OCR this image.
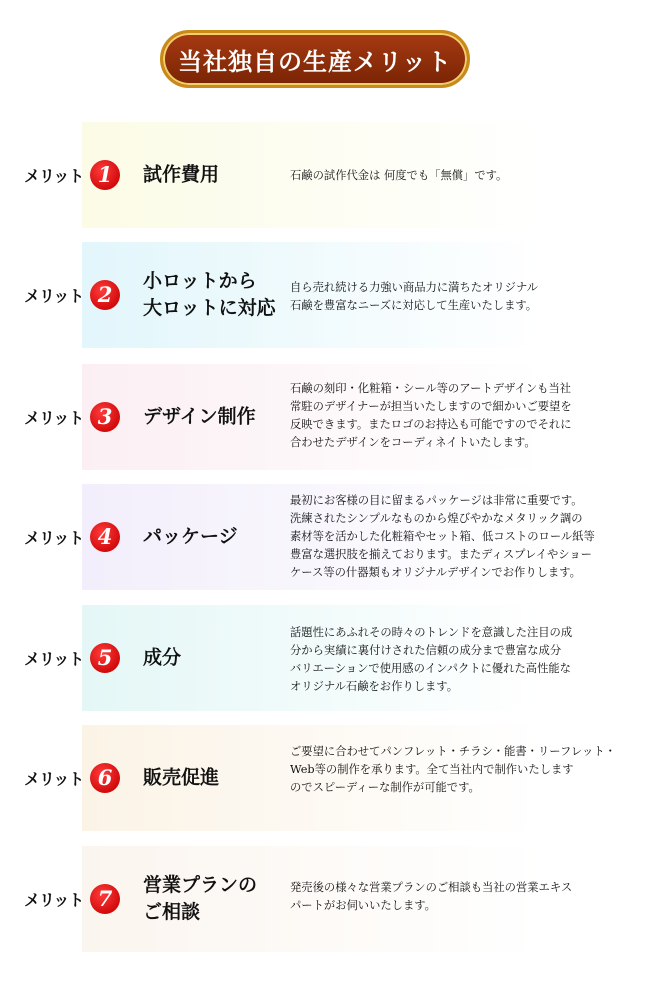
当社独自の生産メリット
メリット 1	試作費用	石鹸の試作代金は 何度でも「無償」です。
メリット 2
小ロットから
大ロットに対応
自ら売れ続ける力強い商品力に満ちたオリジナル
石鹸を豊富なニーズに対応して生産いたします。
メリット 3	デザイン制作
石鹸の刻印・化粧箱・シール等のアートデザインも当社
常駐のデザイナーが担当いたしますので細かいご要望を
反映できます。またロゴのお持込も可能ですのでそれに
合わせたデザインをコーディネイトいたします。
メリット 4	パッケージ
最初にお客様の目に留まるパッケージは非常に重要です。
洗練されたシンプルなものから煌びやかなメタリック調の
素材等を活かした化粧箱やセット箱、低コストのロール紙等
豊富な選択肢を揃えております。またディスプレイやショー
ケース等の什器類もオリジナルデザインでお作りします。
メリット 5	成分
話題性にあふれその時々のトレンドを意識した注目の成
分から実績に裏付けされた信頼の成分まで豊富な成分
バリエーションで使用感のインパクトに優れた高性能な
オリジナル石鹸をお作りします。
メリット 6	販売促進
ご要望に合わせてパンフレット・チラシ・能書・リーフレット・
Web等の制作を承ります。全て当社内で制作いたします
のでスピーディーな制作が可能です。
メリット 7
営業プランの
ご相談
発売後の様々な営業プランのご相談も当社の営業エキス
パートがお伺いいたします。
